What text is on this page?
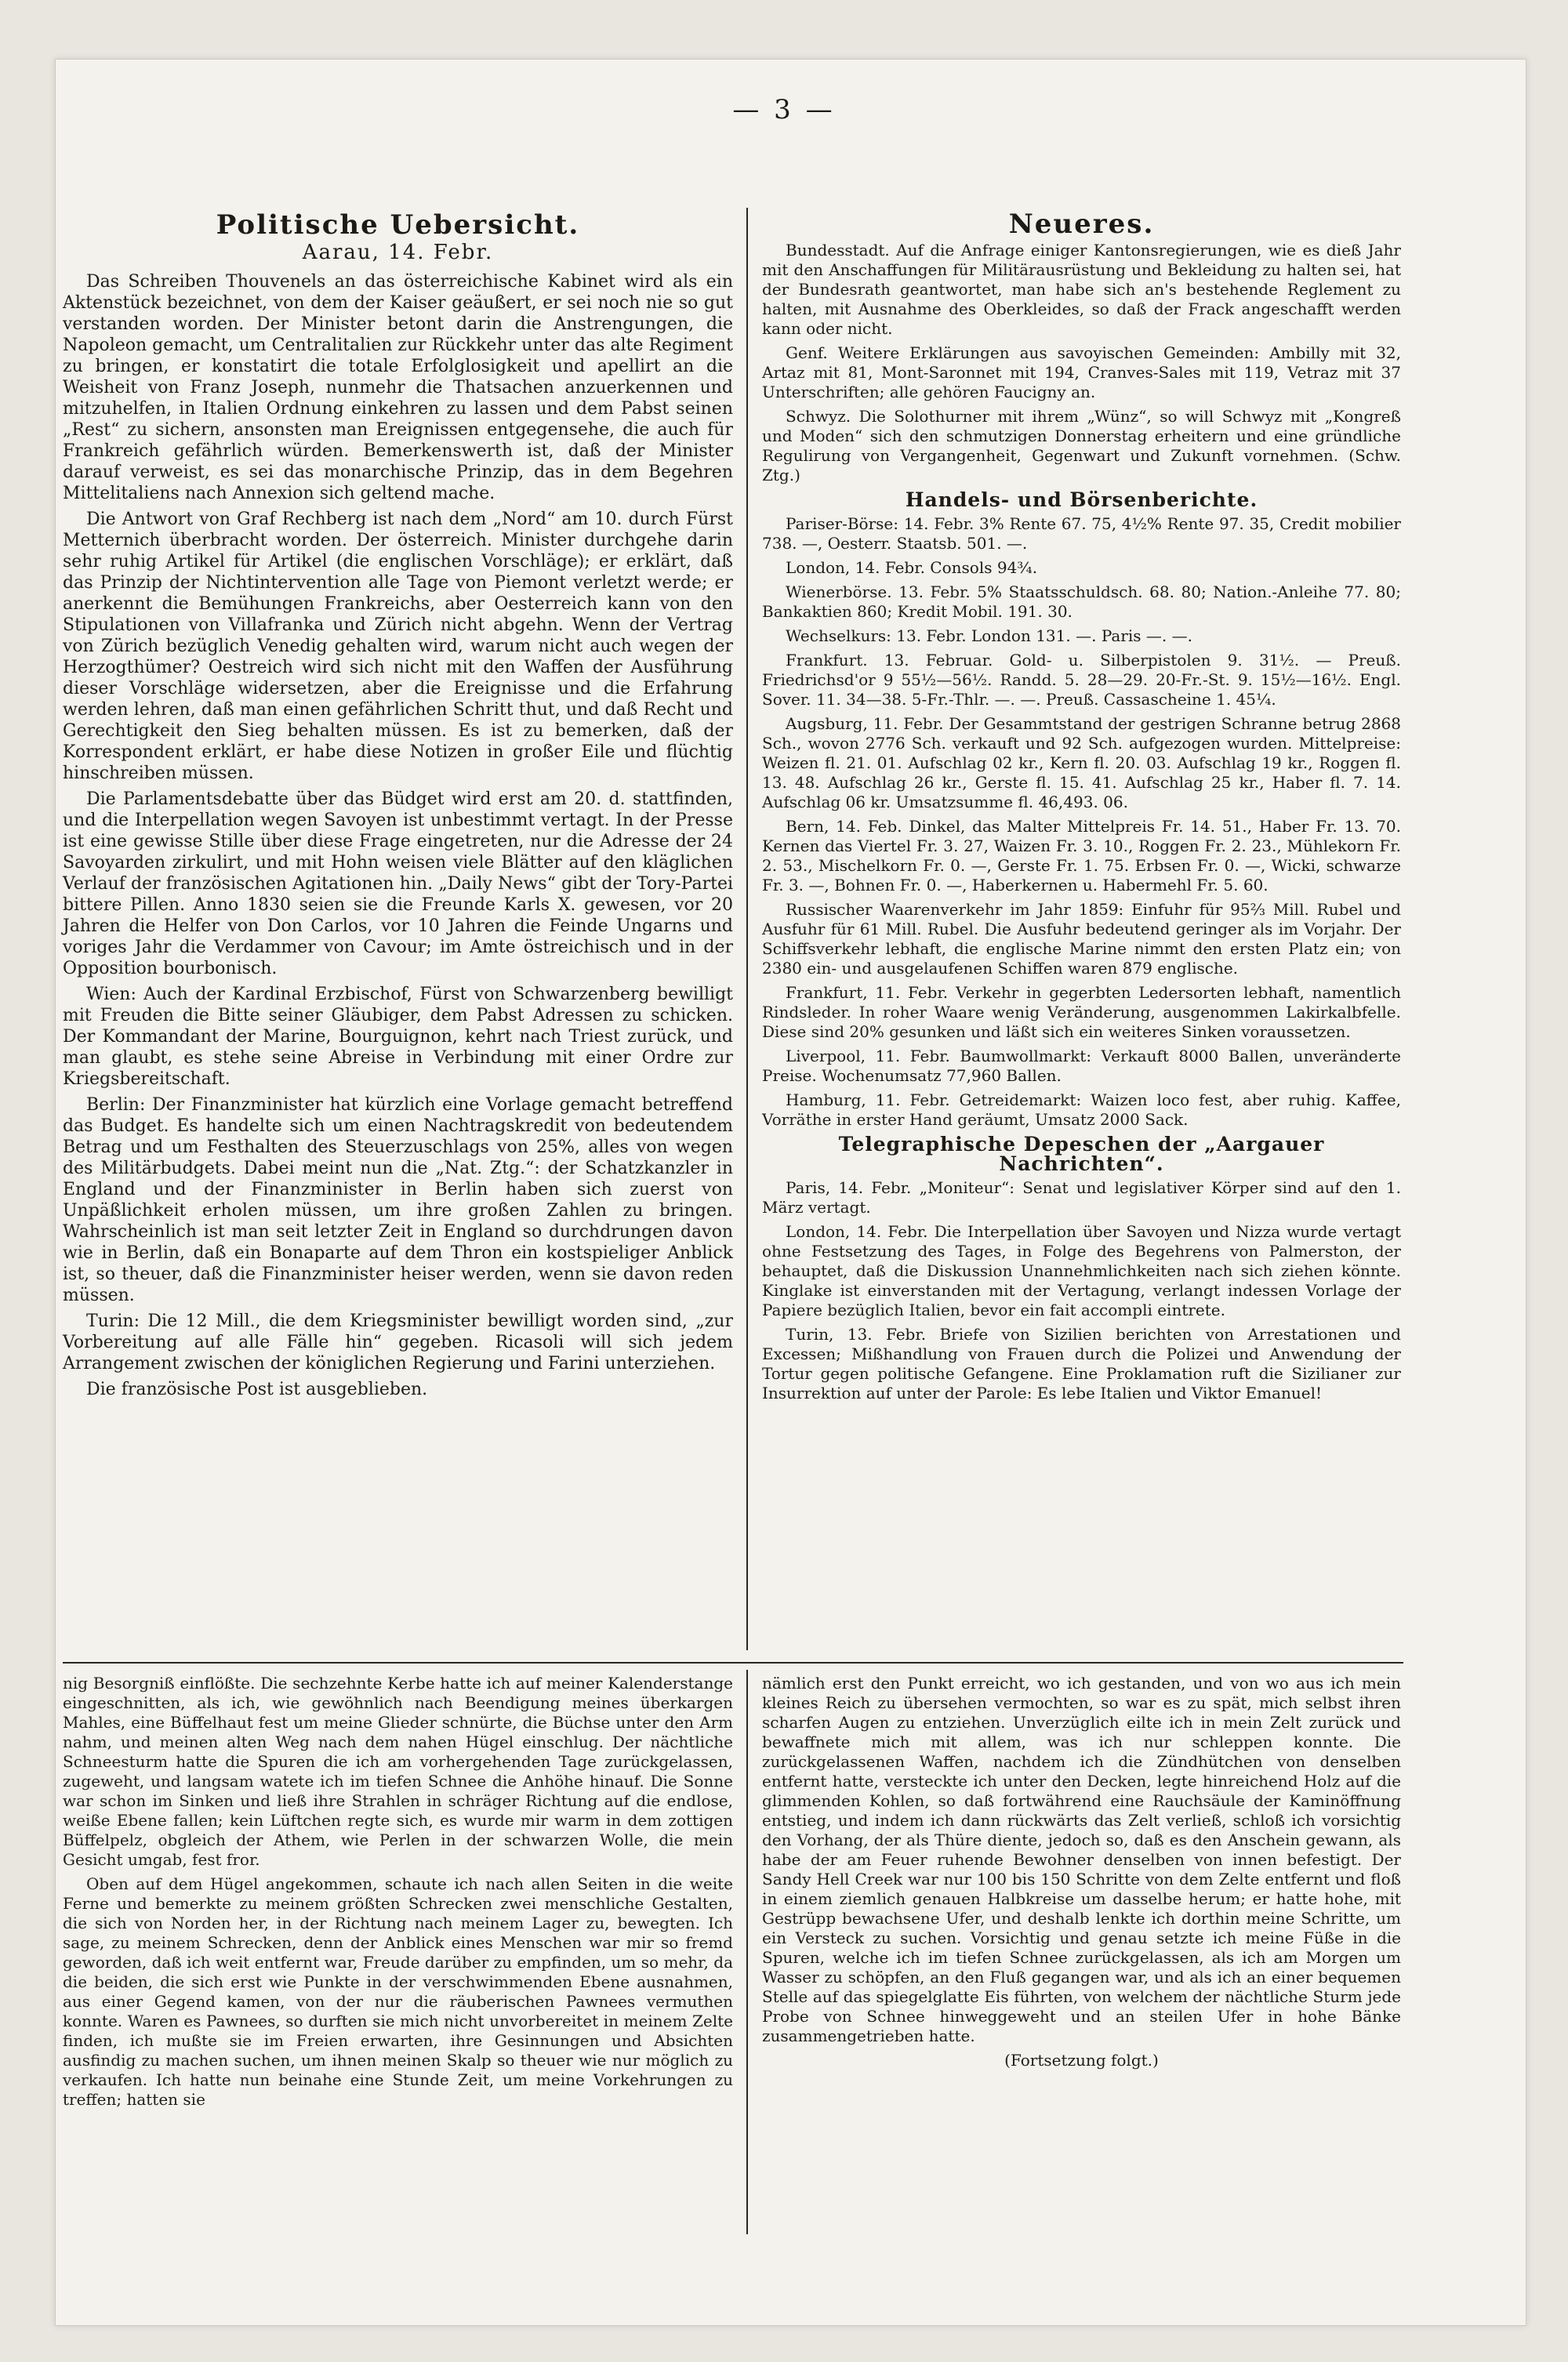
— 3 —
Politische Uebersicht.
Aarau, 14. Febr.

Das Schreiben Thouvenels an das österreichische Kabinet wird als ein Aktenstück bezeichnet, von dem der Kaiser geäußert, er sei noch nie so gut verstanden worden. Der Minister betont darin die Anstrengungen, die Napoleon gemacht, um Centralitalien zur Rückkehr unter das alte Regiment zu bringen, er konstatirt die totale Erfolglosigkeit und apellirt an die Weisheit von Franz Joseph, nunmehr die Thatsachen anzuerkennen und mitzuhelfen, in Italien Ordnung einkehren zu lassen und dem Pabst seinen „Rest“ zu sichern, ansonsten man Ereignissen entgegensehe, die auch für Frankreich gefährlich würden. Bemerkenswerth ist, daß der Minister darauf verweist, es sei das monarchische Prinzip, das in dem Begehren Mittelitaliens nach Annexion sich geltend mache.

Die Antwort von Graf Rechberg ist nach dem „Nord“ am 10. durch Fürst Metternich überbracht worden. Der österreich. Minister durchgehe darin sehr ruhig Artikel für Artikel (die englischen Vorschläge); er erklärt, daß das Prinzip der Nichtintervention alle Tage von Piemont verletzt werde; er anerkennt die Bemühungen Frankreichs, aber Oesterreich kann von den Stipulationen von Villafranka und Zürich nicht abgehn. Wenn der Vertrag von Zürich bezüglich Venedig gehalten wird, warum nicht auch wegen der Herzogthümer? Oestreich wird sich nicht mit den Waffen der Ausführung dieser Vorschläge widersetzen, aber die Ereignisse und die Erfahrung werden lehren, daß man einen gefährlichen Schritt thut, und daß Recht und Gerechtigkeit den Sieg behalten müssen. Es ist zu bemerken, daß der Korrespondent erklärt, er habe diese Notizen in großer Eile und flüchtig hinschreiben müssen.

Die Parlamentsdebatte über das Büdget wird erst am 20. d. stattfinden, und die Interpellation wegen Savoyen ist unbestimmt vertagt. In der Presse ist eine gewisse Stille über diese Frage eingetreten, nur die Adresse der 24 Savoyarden zirkulirt, und mit Hohn weisen viele Blätter auf den kläglichen Verlauf der französischen Agitationen hin. „Daily News“ gibt der Tory-Partei bittere Pillen. Anno 1830 seien sie die Freunde Karls X. gewesen, vor 20 Jahren die Helfer von Don Carlos, vor 10 Jahren die Feinde Ungarns und voriges Jahr die Verdammer von Cavour; im Amte östreichisch und in der Opposition bourbonisch.

Wien: Auch der Kardinal Erzbischof, Fürst von Schwarzenberg bewilligt mit Freuden die Bitte seiner Gläubiger, dem Pabst Adressen zu schicken. Der Kommandant der Marine, Bourguignon, kehrt nach Triest zurück, und man glaubt, es stehe seine Abreise in Verbindung mit einer Ordre zur Kriegsbereitschaft.

Berlin: Der Finanzminister hat kürzlich eine Vorlage gemacht betreffend das Budget. Es handelte sich um einen Nachtragskredit von bedeutendem Betrag und um Festhalten des Steuerzuschlags von 25%, alles von wegen des Militärbudgets. Dabei meint nun die „Nat. Ztg.“: der Schatzkanzler in England und der Finanzminister in Berlin haben sich zuerst von Unpäßlichkeit erholen müssen, um ihre großen Zahlen zu bringen. Wahrscheinlich ist man seit letzter Zeit in England so durchdrungen davon wie in Berlin, daß ein Bonaparte auf dem Thron ein kostspieliger Anblick ist, so theuer, daß die Finanzminister heiser werden, wenn sie davon reden müssen.

Turin: Die 12 Mill., die dem Kriegsminister bewilligt worden sind, „zur Vorbereitung auf alle Fälle hin“ gegeben. Ricasoli will sich jedem Arrangement zwischen der königlichen Regierung und Farini unterziehen.

Die französische Post ist ausgeblieben.

Neueres.

Bundesstadt. Auf die Anfrage einiger Kantonsregierungen, wie es dieß Jahr mit den Anschaffungen für Militärausrüstung und Bekleidung zu halten sei, hat der Bundesrath geantwortet, man habe sich an's bestehende Reglement zu halten, mit Ausnahme des Oberkleides, so daß der Frack angeschafft werden kann oder nicht.

Genf. Weitere Erklärungen aus savoyischen Gemeinden: Ambilly mit 32, Artaz mit 81, Mont-Saronnet mit 194, Cranves-Sales mit 119, Vetraz mit 37 Unterschriften; alle gehören Faucigny an.

Schwyz. Die Solothurner mit ihrem „Wünz“, so will Schwyz mit „Kongreß und Moden“ sich den schmutzigen Donnerstag erheitern und eine gründliche Regulirung von Vergangenheit, Gegenwart und Zukunft vornehmen. (Schw. Ztg.)

Handels- und Börsenberichte.

Pariser-Börse: 14. Febr. 3% Rente 67. 75, 4½% Rente 97. 35, Credit mobilier 738. —, Oesterr. Staatsb. 501. —.

London, 14. Febr. Consols 94¾.

Wienerbörse. 13. Febr. 5% Staatsschuldsch. 68. 80; Nation.-Anleihe 77. 80; Bankaktien 860; Kredit Mobil. 191. 30.

Wechselkurs: 13. Febr. London 131. —. Paris —. —.

Frankfurt. 13. Februar. Gold- u. Silberpistolen 9. 31½. — Preuß. Friedrichsd'or 9 55½—56½. Randd. 5. 28—29. 20-Fr.-St. 9. 15½—16½. Engl. Sover. 11. 34—38. 5-Fr.-Thlr. —. —. Preuß. Cassascheine 1. 45¼.

Augsburg, 11. Febr. Der Gesammtstand der gestrigen Schranne betrug 2868 Sch., wovon 2776 Sch. verkauft und 92 Sch. aufgezogen wurden. Mittelpreise: Weizen fl. 21. 01. Aufschlag 02 kr., Kern fl. 20. 03. Aufschlag 19 kr., Roggen fl. 13. 48. Aufschlag 26 kr., Gerste fl. 15. 41. Aufschlag 25 kr., Haber fl. 7. 14. Aufschlag 06 kr. Umsatzsumme fl. 46,493. 06.

Bern, 14. Feb. Dinkel, das Malter Mittelpreis Fr. 14. 51., Haber Fr. 13. 70. Kernen das Viertel Fr. 3. 27, Waizen Fr. 3. 10., Roggen Fr. 2. 23., Mühlekorn Fr. 2. 53., Mischelkorn Fr. 0. —, Gerste Fr. 1. 75. Erbsen Fr. 0. —, Wicki, schwarze Fr. 3. —, Bohnen Fr. 0. —, Haberkernen u. Habermehl Fr. 5. 60.

Russischer Waarenverkehr im Jahr 1859: Einfuhr für 95⅔ Mill. Rubel und Ausfuhr für 61 Mill. Rubel. Die Ausfuhr bedeutend geringer als im Vorjahr. Der Schiffsverkehr lebhaft, die englische Marine nimmt den ersten Platz ein; von 2380 ein- und ausgelaufenen Schiffen waren 879 englische.

Frankfurt, 11. Febr. Verkehr in gegerbten Ledersorten lebhaft, namentlich Rindsleder. In roher Waare wenig Veränderung, ausgenommen Lakirkalbfelle. Diese sind 20% gesunken und läßt sich ein weiteres Sinken voraussetzen.

Liverpool, 11. Febr. Baumwollmarkt: Verkauft 8000 Ballen, unveränderte Preise. Wochenumsatz 77,960 Ballen.

Hamburg, 11. Febr. Getreidemarkt: Waizen loco fest, aber ruhig. Kaffee, Vorräthe in erster Hand geräumt, Umsatz 2000 Sack.

Telegraphische Depeschen der „Aargauer Nachrichten“.

Paris, 14. Febr. „Moniteur“: Senat und legislativer Körper sind auf den 1. März vertagt.

London, 14. Febr. Die Interpellation über Savoyen und Nizza wurde vertagt ohne Festsetzung des Tages, in Folge des Begehrens von Palmerston, der behauptet, daß die Diskussion Unannehmlichkeiten nach sich ziehen könnte. Kinglake ist einverstanden mit der Vertagung, verlangt indessen Vorlage der Papiere bezüglich Italien, bevor ein fait accompli eintrete.

Turin, 13. Febr. Briefe von Sizilien berichten von Arrestationen und Excessen; Mißhandlung von Frauen durch die Polizei und Anwendung der Tortur gegen politische Gefangene. Eine Proklamation ruft die Sizilianer zur Insurrektion auf unter der Parole: Es lebe Italien und Viktor Emanuel!

nig Besorgniß einflößte. Die sechzehnte Kerbe hatte ich auf meiner Kalenderstange eingeschnitten, als ich, wie gewöhnlich nach Beendigung meines überkargen Mahles, eine Büffelhaut fest um meine Glieder schnürte, die Büchse unter den Arm nahm, und meinen alten Weg nach dem nahen Hügel einschlug. Der nächtliche Schneesturm hatte die Spuren die ich am vorhergehenden Tage zurückgelassen, zugeweht, und langsam watete ich im tiefen Schnee die Anhöhe hinauf. Die Sonne war schon im Sinken und ließ ihre Strahlen in schräger Richtung auf die endlose, weiße Ebene fallen; kein Lüftchen regte sich, es wurde mir warm in dem zottigen Büffelpelz, obgleich der Athem, wie Perlen in der schwarzen Wolle, die mein Gesicht umgab, fest fror.

Oben auf dem Hügel angekommen, schaute ich nach allen Seiten in die weite Ferne und bemerkte zu meinem größten Schrecken zwei menschliche Gestalten, die sich von Norden her, in der Richtung nach meinem Lager zu, bewegten. Ich sage, zu meinem Schrecken, denn der Anblick eines Menschen war mir so fremd geworden, daß ich weit entfernt war, Freude darüber zu empfinden, um so mehr, da die beiden, die sich erst wie Punkte in der verschwimmenden Ebene ausnahmen, aus einer Gegend kamen, von der nur die räuberischen Pawnees vermuthen konnte. Waren es Pawnees, so durften sie mich nicht unvorbereitet in meinem Zelte finden, ich mußte sie im Freien erwarten, ihre Gesinnungen und Absichten ausfindig zu machen suchen, um ihnen meinen Skalp so theuer wie nur möglich zu verkaufen. Ich hatte nun beinahe eine Stunde Zeit, um meine Vorkehrungen zu treffen; hatten sie

nämlich erst den Punkt erreicht, wo ich gestanden, und von wo aus ich mein kleines Reich zu übersehen vermochten, so war es zu spät, mich selbst ihren scharfen Augen zu entziehen. Unverzüglich eilte ich in mein Zelt zurück und bewaffnete mich mit allem, was ich nur schleppen konnte. Die zurückgelassenen Waffen, nachdem ich die Zündhütchen von denselben entfernt hatte, versteckte ich unter den Decken, legte hinreichend Holz auf die glimmenden Kohlen, so daß fortwährend eine Rauchsäule der Kaminöffnung entstieg, und indem ich dann rückwärts das Zelt verließ, schloß ich vorsichtig den Vorhang, der als Thüre diente, jedoch so, daß es den Anschein gewann, als habe der am Feuer ruhende Bewohner denselben von innen befestigt. Der Sandy Hell Creek war nur 100 bis 150 Schritte von dem Zelte entfernt und floß in einem ziemlich genauen Halbkreise um dasselbe herum; er hatte hohe, mit Gestrüpp bewachsene Ufer, und deshalb lenkte ich dorthin meine Schritte, um ein Versteck zu suchen. Vorsichtig und genau setzte ich meine Füße in die Spuren, welche ich im tiefen Schnee zurückgelassen, als ich am Morgen um Wasser zu schöpfen, an den Fluß gegangen war, und als ich an einer bequemen Stelle auf das spiegelglatte Eis führten, von welchem der nächtliche Sturm jede Probe von Schnee hinweggeweht und an steilen Ufer in hohe Bänke zusammengetrieben hatte.

(Fortsetzung folgt.)
